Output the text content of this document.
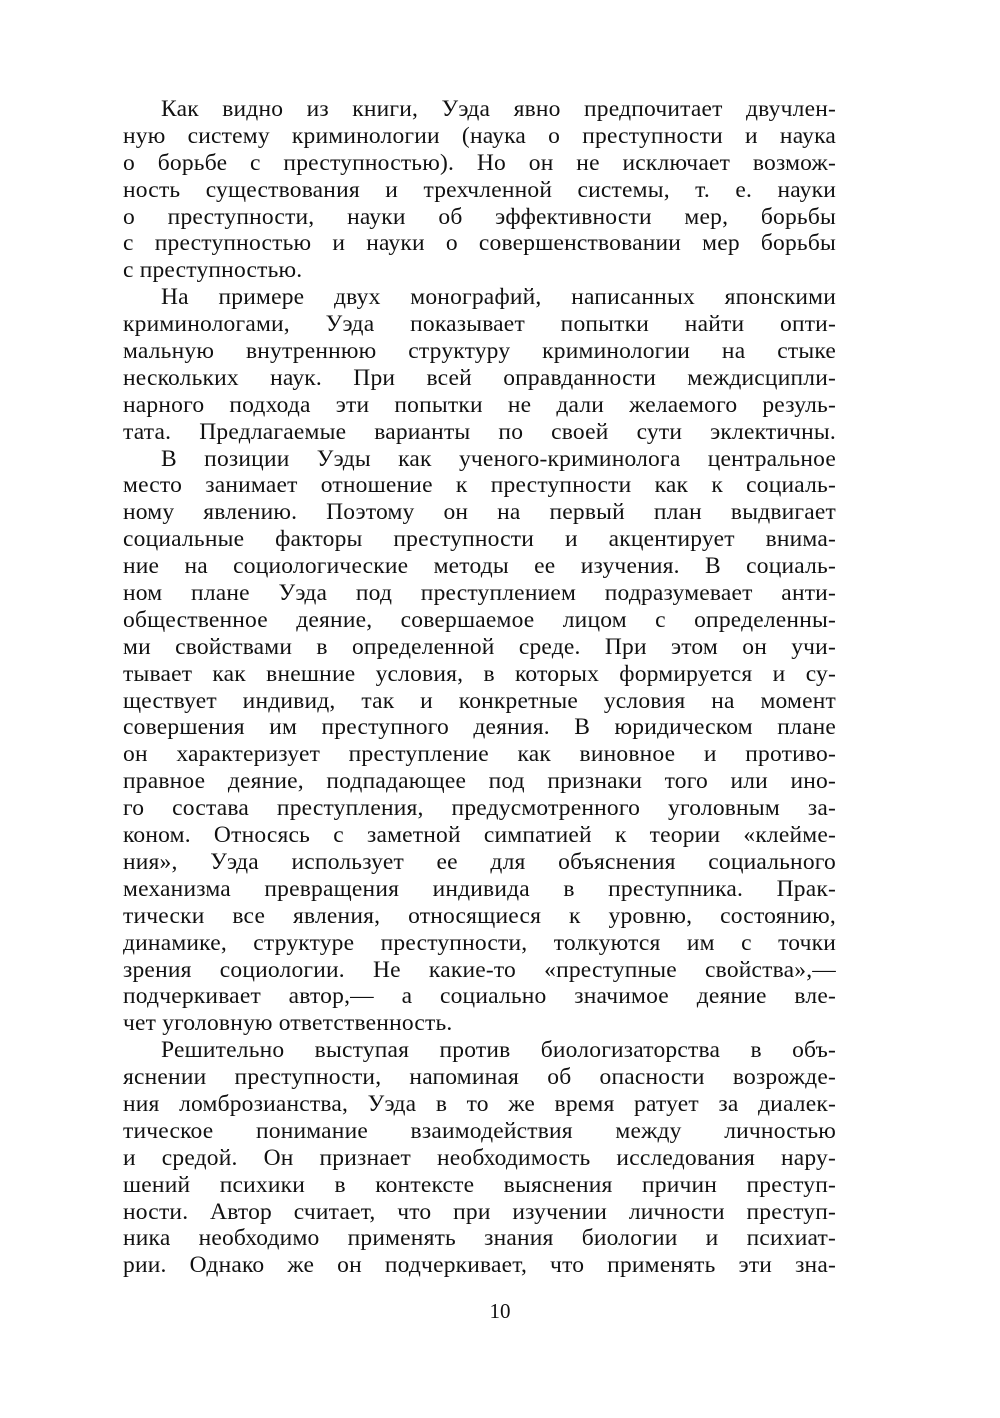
Как видно из книги, Уэда явно предпочитает двучлен-
ную систему криминологии (наука о преступности и наука
о борьбе с преступностью). Но он не исключает возмож-
ность существования и трехчленной системы, т. е. науки
о преступности, науки об эффективности мер, борьбы
с преступностью и науки о совершенствовании мер борьбы
с преступностью.
На примере двух монографий, написанных японскими
криминологами, Уэда показывает попытки найти опти-
мальную внутреннюю структуру криминологии на стыке
нескольких наук. При всей оправданности междисципли-
нарного подхода эти попытки не дали желаемого резуль-
тата. Предлагаемые варианты по своей сути эклектичны.
В позиции Уэды как ученого-криминолога центральное
место занимает отношение к преступности как к социаль-
ному явлению. Поэтому он на первый план выдвигает
социальные факторы преступности и акцентирует внима-
ние на социологические методы ее изучения. В социаль-
ном плане Уэда под преступлением подразумевает анти-
общественное деяние, совершаемое лицом с определенны-
ми свойствами в определенной среде. При этом он учи-
тывает как внешние условия, в которых формируется и су-
ществует индивид, так и конкретные условия на момент
совершения им преступного деяния. В юридическом плане
он характеризует преступление как виновное и противо-
правное деяние, подпадающее под признаки того или ино-
го состава преступления, предусмотренного уголовным за-
коном. Относясь с заметной симпатией к теории «клейме-
ния», Уэда использует ее для объяснения социального
механизма превращения индивида в преступника. Прак-
тически все явления, относящиеся к уровню, состоянию,
динамике, структуре преступности, толкуются им с точки
зрения социологии. Не какие-то «преступные свойства»,—
подчеркивает автор,— а социально значимое деяние вле-
чет уголовную ответственность.
Решительно выступая против биологизаторства в объ-
яснении преступности, напоминая об опасности возрожде-
ния ломброзианства, Уэда в то же время ратует за диалек-
тическое понимание взаимодействия между личностью
и средой. Он признает необходимость исследования нару-
шений психики в контексте выяснения причин преступ-
ности. Автор считает, что при изучении личности преступ-
ника необходимо применять знания биологии и психиат-
рии. Однако же он подчеркивает, что применять эти зна-
10
